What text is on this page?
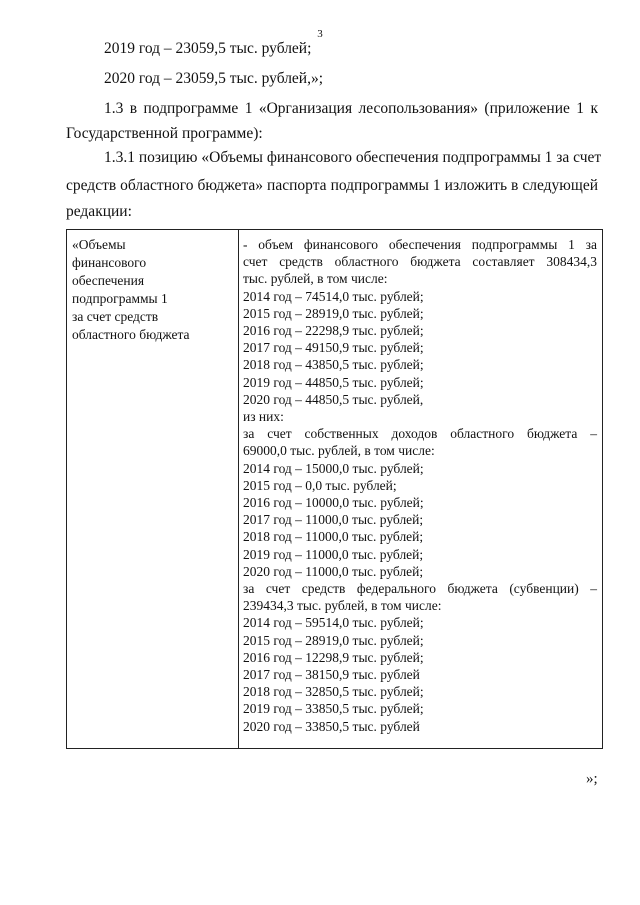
3
2019 год – 23059,5 тыс. рублей;
2020 год – 23059,5 тыс. рублей,»;
1.3 в подпрограмме 1 «Организация лесопользования» (приложение 1 к
Государственной программе):
1.3.1 позицию «Объемы финансового обеспечения подпрограммы 1 за счет
средств областного бюджета» паспорта подпрограммы 1 изложить в следующей
редакции:
«Объемы
финансового
обеспечения
подпрограммы 1
за счет средств
областного бюджета
- объем финансового обеспечения подпрограммы 1 за
счет средств областного бюджета составляет 308434,3
тыс. рублей, в том числе:
2014 год – 74514,0 тыс. рублей;
2015 год – 28919,0 тыс. рублей;
2016 год – 22298,9 тыс. рублей;
2017 год – 49150,9 тыс. рублей;
2018 год – 43850,5 тыс. рублей;
2019 год – 44850,5 тыс. рублей;
2020 год – 44850,5 тыс. рублей,
из них:
за счет собственных доходов областного бюджета –
69000,0 тыс. рублей, в том числе:
2014 год – 15000,0 тыс. рублей;
2015 год – 0,0 тыс. рублей;
2016 год – 10000,0 тыс. рублей;
2017 год – 11000,0 тыс. рублей;
2018 год – 11000,0 тыс. рублей;
2019 год – 11000,0 тыс. рублей;
2020 год – 11000,0 тыс. рублей;
за счет средств федерального бюджета (субвенции) –
239434,3 тыс. рублей, в том числе:
2014 год – 59514,0 тыс. рублей;
2015 год – 28919,0 тыс. рублей;
2016 год – 12298,9 тыс. рублей;
2017 год – 38150,9 тыс. рублей
2018 год – 32850,5 тыс. рублей;
2019 год – 33850,5 тыс. рублей;
2020 год – 33850,5 тыс. рублей
»;
